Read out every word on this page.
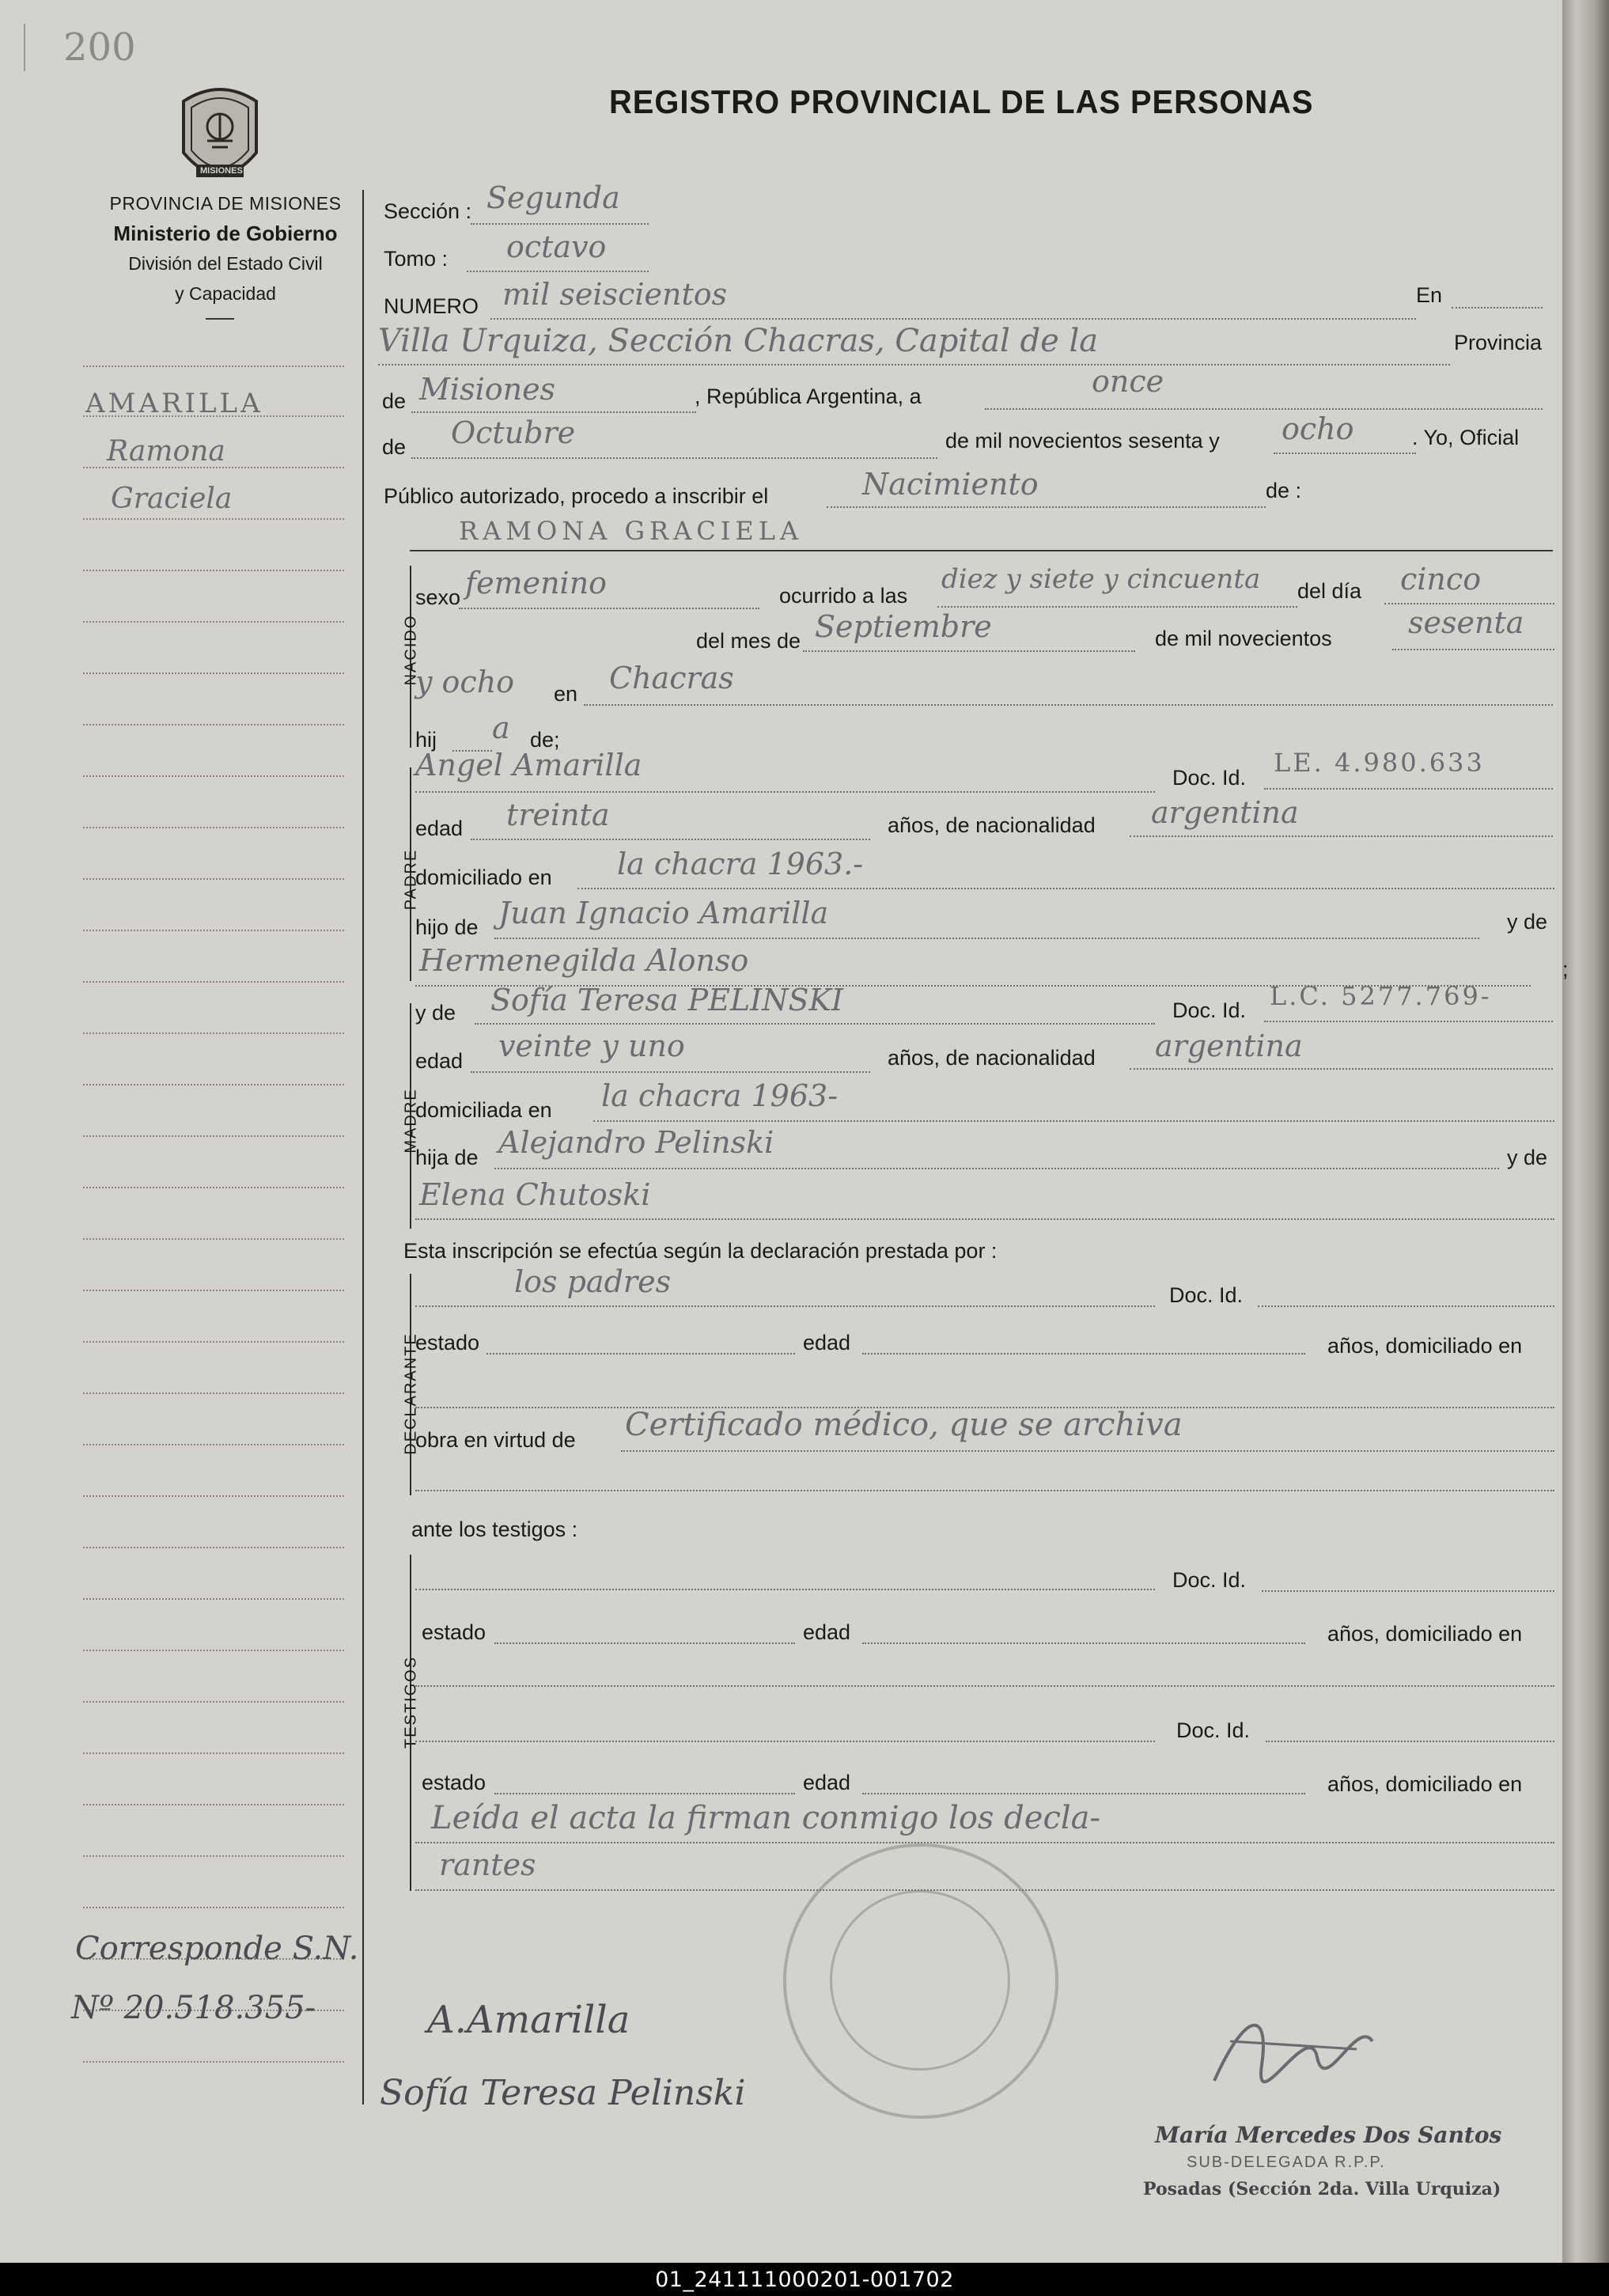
200
MISIONES
REGISTRO PROVINCIAL DE LAS PERSONAS
PROVINCIA DE MISIONES
Ministerio de Gobierno
División del Estado Civil
y Capacidad
AMARILLA
Ramona
Graciela
Corresponde S.N.
Nº 20.518.355-
Sección : Segunda
Tomo : octavo
NUMERO mil seiscientos	En
Villa Urquiza, Sección Chacras, Capital de la	Provincia
de Misiones	, República Argentina, a	once
de Octubre	de mil novecientos sesenta y ocho	. Yo, Oficial
Público autorizado, procedo a inscribir el	Nacimiento	de :
RAMONA GRACIELA
NACIDO
sexo femenino	ocurrido a las
diez y siete y cincuenta del día cinco
del mes de Septiembre	de mil novecientos	sesenta
y ocho en Chacras
hij a de;
PADRE
Angel Amarilla	Doc. Id. LE. 4.980.633
edad treinta	años, de nacionalidad argentina
domiciliado en la chacra 1963.-
hijo de Juan Ignacio Amarilla	y de
Hermenegilda Alonso	;
MADRE
y de Sofía Teresa PELINSKI	Doc. Id. L.C. 5277.769-
edad veinte y uno	años, de nacionalidad argentina
domiciliada en la chacra 1963-
hija de Alejandro Pelinski	y de
Elena Chutoski
Esta inscripción se efectúa según la declaración prestada por :
DECLARANTE
los padres	Doc. Id.
estado	edad	años, domiciliado en
obra en virtud de Certificado médico, que se archiva
ante los testigos :
TESTIGOS
Doc. Id.
estado	edad	años, domiciliado en
Doc. Id.
estado	edad	años, domiciliado en
Leída el acta la firman conmigo los decla-
rantes
A.Amarilla
Sofía Teresa Pelinski
María Mercedes Dos Santos
SUB-DELEGADA R.P.P.
Posadas (Sección 2da. Villa Urquiza)
01_241111000201-001702
